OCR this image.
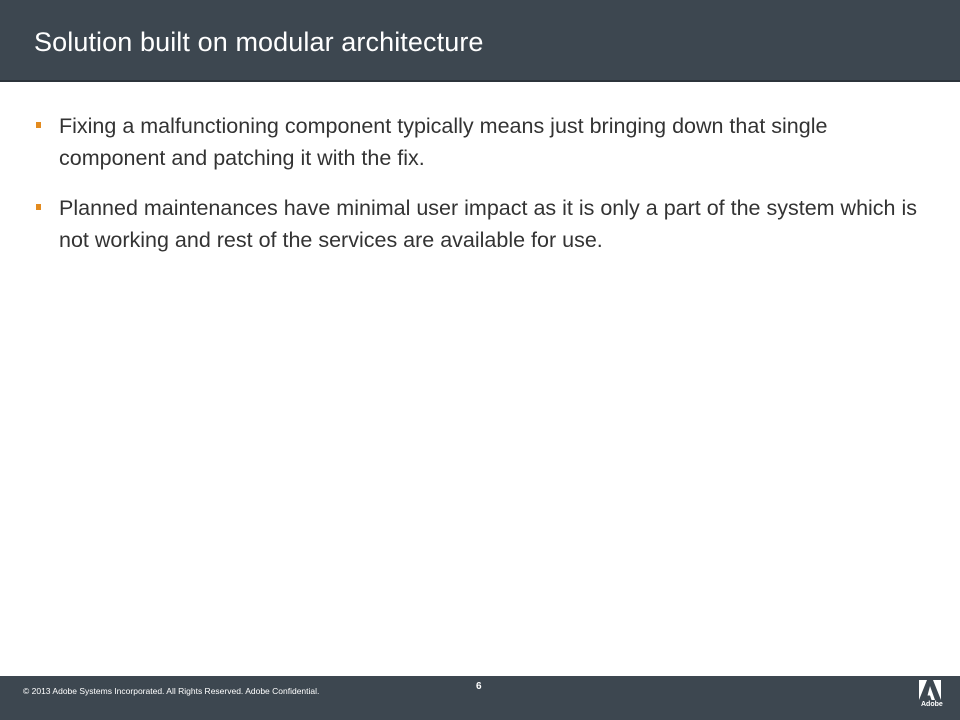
Solution built on modular architecture
Fixing a malfunctioning component typically means just bringing down that single component and patching it with the fix.
Planned maintenances have minimal user impact as it is only a part of the system which is not working and rest of the services are available for use.
© 2013 Adobe Systems Incorporated. All Rights Reserved. Adobe Confidential.	6
Adobe
